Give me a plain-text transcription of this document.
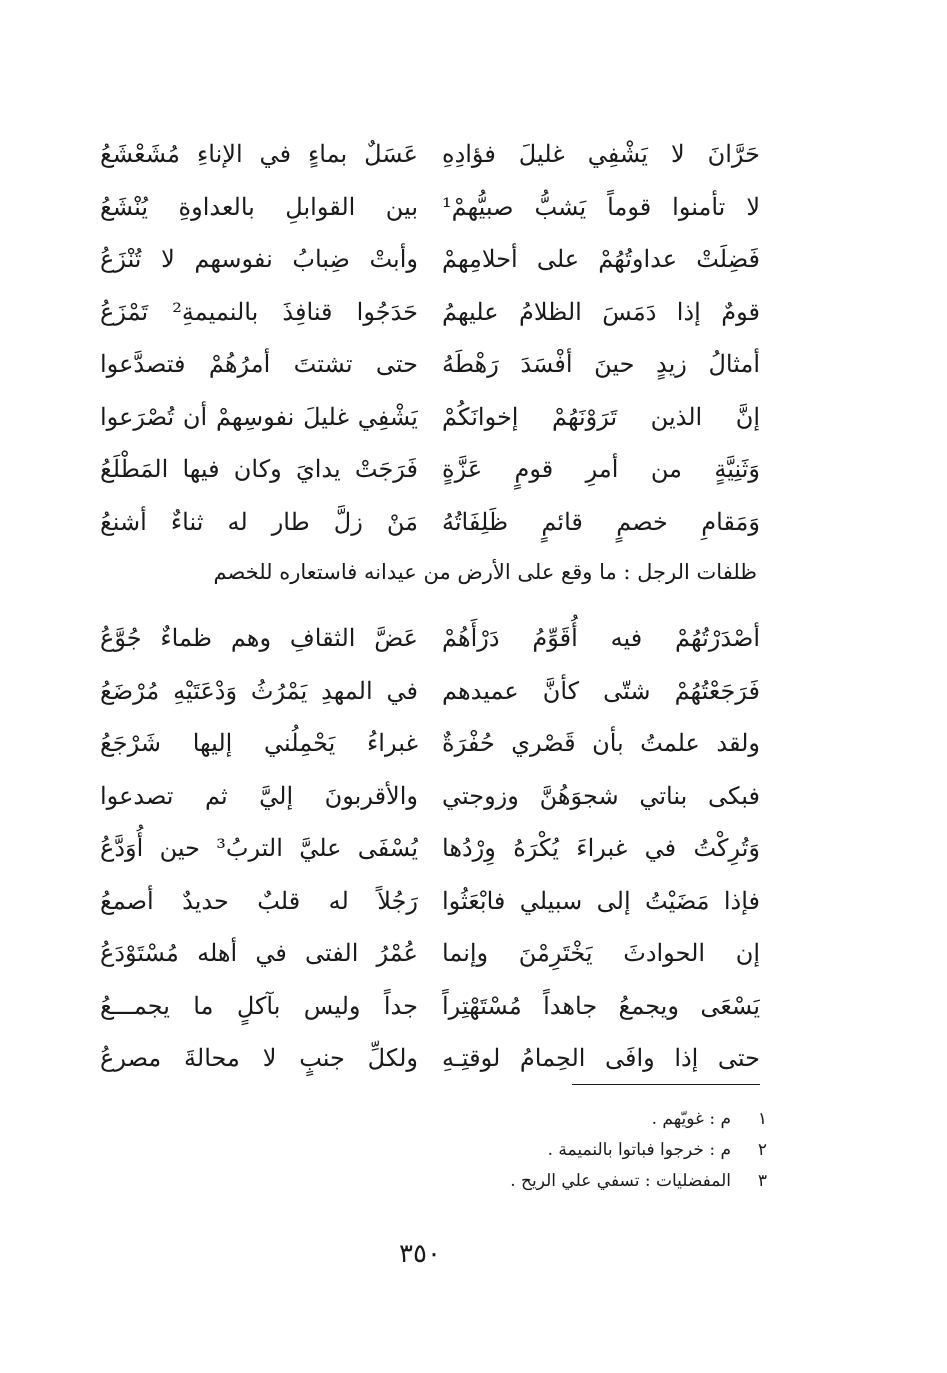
حَرَّانَ لا يَشْفِي غليلَ فؤادِهِ
عَسَلٌ بماءٍ في الإناءِ مُشَعْشَعُ
لا تأمنوا قوماً يَشبُّ صبيُّهمْ¹
بين القوابلِ بالعداوةِ يُنْشَعُ
فَضِلَتْ عداوتُهُمْ على أحلامِهمْ
وأبتْ ضِبابُ نفوسهم لا تُنْزَعُ
قومٌ إذا دَمَسَ الظلامُ عليهمُ
حَدَجُوا قنافِذَ بالنميمةِ² تَمْزَعُ
أمثالُ زيدٍ حينَ أفْسَدَ رَهْطَهُ
حتى تشتتَ أمرُهُمْ فتصدَّعوا
إنَّ الذين تَرَوْنَهُمْ إخوانَكُمْ
يَشْفِي غليلَ نفوسِهمْ أن تُصْرَعوا
وَثَنِيَّةٍ من أمرِ قومٍ عَزَّةٍ
فَرَجَتْ يدايَ وكان فيها المَطْلَعُ
وَمَقامِ خصمٍ قائمٍ ظَلِفَاتُهُ
مَنْ زلَّ طار له ثناءٌ أشنعُ
ظلفات الرجل : ما وقع على الأرض من عيدانه فاستعاره للخصم
أصْدَرْتُهُمْ فيه أُقَوِّمُ دَرْأَهُمْ
عَضَّ الثقافِ وهم ظماءٌ جُوَّعُ
فَرَجَعْتُهُمْ شتّى كأنَّ عميدهم
في المهدِ يَمْرُثُ وَدْعَتَيْهِ مُرْضَعُ
ولقد علمتُ بأن قَصْري حُفْرَةٌ
غبراءُ يَحْمِلُني إليها شَرْجَعُ
فبكى بناتي شجوَهُنَّ وزوجتي
والأقربونَ إليَّ ثم تصدعوا
وَتُرِكْتُ في غبراءَ يُكْرَهُ وِرْدُها
يُسْفَى عليَّ التربُ³ حين أُوَدَّعُ
فإذا مَضَيْتُ إلى سبيلي فابْعَثُوا
رَجُلاً له قلبٌ حديدٌ أصمعُ
إن الحوادثَ يَخْتَرِمْنَ وإنما
عُمْرُ الفتى في أهله مُسْتَوْدَعُ
يَسْعَى ويجمعُ جاهداً مُسْتَهْتِراً
جداً وليس بآكلٍ ما يجمـــعُ
حتى إذا وافَى الحِمامُ لوقتِـهِ
ولكلِّ جنبٍ لا محالةَ مصرعُ
١
م : غويّهم .
٢
م : خرجوا فباتوا بالنميمة .
٣
المفضليات : تسفي علي الريح .
٣٥٠
